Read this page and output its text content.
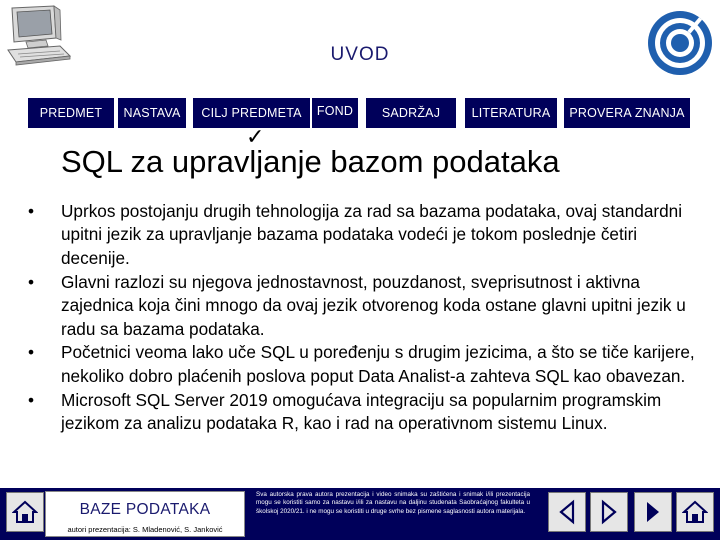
UVOD
PREDMET	NASTAVA	CILJ PREDMETA	FOND	SADRŽAJ	LITERATURA	PROVERA ZNANJA
✓
SQL za upravljanje bazom podataka
• Uprkos postojanju drugih tehnologija za rad sa bazama podataka, ovaj standardni upitni jezik za upravljanje bazama podataka vodeći je tokom poslednje četiri decenije.
• Glavni razlozi su njegova jednostavnost, pouzdanost, sveprisutnost i aktivna zajednica koja čini mnogo da ovaj jezik otvorenog koda ostane glavni upitni jezik u radu sa bazama podataka.
• Početnici veoma lako uče SQL u poređenju s drugim jezicima, a što se tiče karijere, nekoliko dobro plaćenih poslova poput Data Analist-a zahteva SQL kao obavezan.
• Microsoft SQL Server 2019 omogućava integraciju sa popularnim programskim jezikom za analizu podataka R, kao i rad na operativnom sistemu Linux.
BAZE PODATAKA
autori prezentacija: S. Mladenović, S. Janković
Sva autorska prava autora prezentacija i video snimaka su zaštićena i snimak i/ili prezentacija mogu se koristiti samo za nastavu i/ili za nastavu na daljinu studenata Saobraćajnog fakulteta u školskoj 2020/21. i ne mogu se koristiti u druge svrhe bez pismene saglasnosti autora materijala.
